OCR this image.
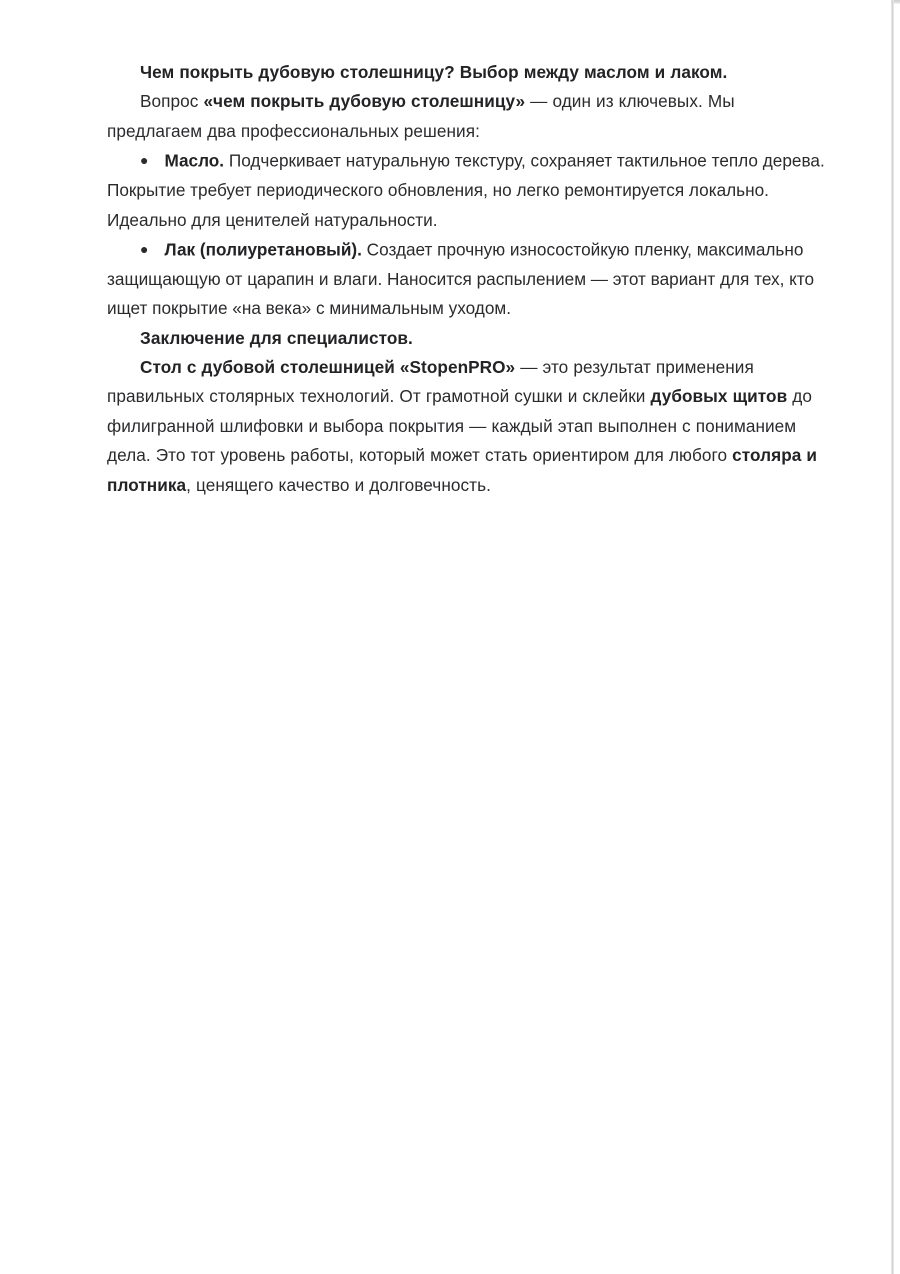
Чем покрыть дубовую столешницу? Выбор между маслом и лаком.

Вопрос «чем покрыть дубовую столешницу» — один из ключевых. Мы предлагаем два профессиональных решения:

● Масло. Подчеркивает натуральную текстуру, сохраняет тактильное тепло дерева. Покрытие требует периодического обновления, но легко ремонтируется локально. Идеально для ценителей натуральности.

● Лак (полиуретановый). Создает прочную износостойкую пленку, максимально защищающую от царапин и влаги. Наносится распылением — этот вариант для тех, кто ищет покрытие «на века» с минимальным уходом.

Заключение для специалистов.

Стол с дубовой столешницей «StopenPRO» — это результат применения правильных столярных технологий. От грамотной сушки и склейки дубовых щитов до филигранной шлифовки и выбора покрытия — каждый этап выполнен с пониманием дела. Это тот уровень работы, который может стать ориентиром для любого столяра и плотника, ценящего качество и долговечность.
